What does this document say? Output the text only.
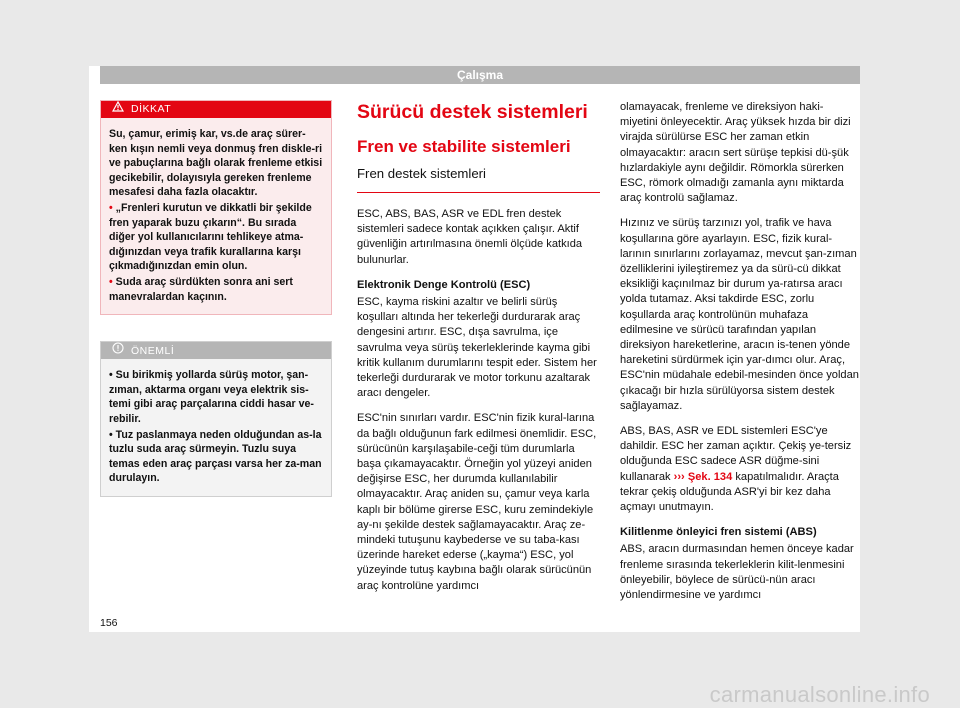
Çalışma
DİKKAT

Su, çamur, erimiş kar, vs.de araç sürer-ken kışın nemli veya donmuş fren diskle-ri ve pabuçlarına bağlı olarak frenleme etkisi gecikebilir, dolayısıyla gereken frenleme mesafesi daha fazla olacaktır.

• „Frenleri kurutun ve dikkatli bir şekilde fren yaparak buzu çıkarın“. Bu sırada diğer yol kullanıcılarını tehlikeye atma-dığınızdan veya trafik kurallarına karşı çıkmadığınızdan emin olun.

• Suda araç sürdükten sonra ani sert manevralardan kaçının.

ÖNEMLİ

• Su birikmiş yollarda sürüş motor, şan-zıman, aktarma organı veya elektrik sis-temi gibi araç parçalarına ciddi hasar ve-rebilir.

• Tuz paslanmaya neden olduğundan as-la tuzlu suda araç sürmeyin. Tuzlu suya temas eden araç parçası varsa her za-man durulayın.

Sürücü destek sistemleri
Fren ve stabilite sistemleri
Fren destek sistemleri

ESC, ABS, BAS, ASR ve EDL fren destek sistemleri sadece kontak açıkken çalışır. Aktif güvenliğin artırılmasına önemli ölçüde katkıda bulunurlar.

Elektronik Denge Kontrolü (ESC)

ESC, kayma riskini azaltır ve belirli sürüş koşulları altında her tekerleği durdurarak araç dengesini artırır. ESC, dışa savrulma, içe savrulma veya sürüş tekerleklerinde kayma gibi kritik kullanım durumlarını tespit eder. Sistem her tekerleği durdurarak ve motor torkunu azaltarak aracı dengeler.

ESC'nin sınırları vardır. ESC'nin fizik kural-larına da bağlı olduğunun fark edilmesi önemlidir. ESC, sürücünün karşılaşabile-ceği tüm durumlarla başa çıkamayacaktır. Örneğin yol yüzeyi aniden değişirse ESC, her durumda kullanılabilir olmayacaktır. Araç aniden su, çamur veya karla kaplı bir bölüme girerse ESC, kuru zemindekiyle ay-nı şekilde destek sağlamayacaktır. Araç ze-mindeki tutuşunu kaybederse ve su taba-kası üzerinde hareket ederse („kayma“) ESC, yol yüzeyinde tutuş kaybına bağlı olarak sürücünün araç kontrolüne yardımcı

olamayacak, frenleme ve direksiyon haki-miyetini önleyecektir. Araç yüksek hızda bir dizi virajda sürülürse ESC her zaman etkin olmayacaktır: aracın sert sürüşe tepkisi dü-şük hızlardakiyle aynı değildir. Römorkla sürerken ESC, römork olmadığı zamanla aynı miktarda araç kontrolü sağlamaz.

Hızınız ve sürüş tarzınızı yol, trafik ve hava koşullarına göre ayarlayın. ESC, fizik kural-larının sınırlarını zorlayamaz, mevcut şan-zıman özelliklerini iyileştiremez ya da sürü-cü dikkat eksikliği kaçınılmaz bir durum ya-ratırsa aracı yolda tutamaz. Aksi takdirde ESC, zorlu koşullarda araç kontrolünün muhafaza edilmesine ve sürücü tarafından yapılan direksiyon hareketlerine, aracın is-tenen yönde hareketini sürdürmek için yar-dımcı olur. Araç, ESC'nin müdahale edebil-mesinden önce yoldan çıkacağı bir hızla sürülüyorsa sistem destek sağlayamaz.

ABS, BAS, ASR ve EDL sistemleri ESC'ye dahildir. ESC her zaman açıktır. Çekiş ye-tersiz olduğunda ESC sadece ASR düğme-sini kullanarak ››› Şek. 134 kapatılmalıdır. Araçta tekrar çekiş olduğunda ASR'yi bir kez daha açmayı unutmayın.

Kilitlenme önleyici fren sistemi (ABS)

ABS, aracın durmasından hemen önceye kadar frenleme sırasında tekerleklerin kilit-lenmesini önleyebilir, böylece de sürücü-nün aracı yönlendirmesine ve yardımcı

156
carmanualsonline.info
